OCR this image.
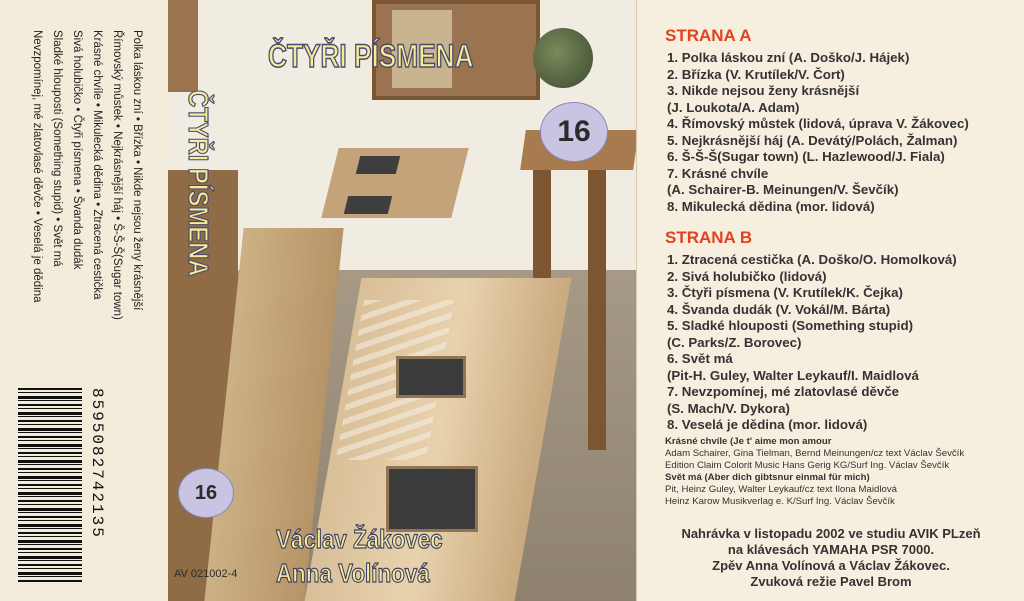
Polka láskou zní • Břízka • Nikde nejsou ženy krásnější
Římovský můstek • Nejkrásnější háj • Š-Š-Š(Sugar town)
Krásné chvíle • Mikulecká dědina • Ztracená cestička
Sivá holubičko • Čtyři písmena • Švanda dudák
Sladké hlouposti (Something stupid) • Svět má
Nevzpomínej, mé zlatovlasé děvče • Veselá je dědina
8595082742135
ČTYŘI PÍSMENA
ČTYŘI PÍSMENA	16
16
Václav Žákovec
Anna Volínová
AV 021002-4
STRANA A
1. Polka láskou zní (A. Doško/J. Hájek)
2. Břízka (V. Krutílek/V. Čort)
3. Nikde nejsou ženy krásnější
(J. Loukota/A. Adam)
4. Římovský můstek (lidová, úprava V. Žákovec)
5. Nejkrásnější háj (A. Devátý/Polách, Žalman)
6. Š-Š-Š(Sugar town) (L. Hazlewood/J. Fiala)
7. Krásné chvíle
(A. Schairer-B. Meinungen/V. Ševčík)
8. Mikulecká dědina (mor. lidová)
STRANA B
1. Ztracená cestička (A. Doško/O. Homolková)
2. Sivá holubičko (lidová)
3. Čtyři písmena (V. Krutílek/K. Čejka)
4. Švanda dudák (V. Vokál/M. Bárta)
5. Sladké hlouposti (Something stupid)
(C. Parks/Z. Borovec)
6. Svět má
(Pit-H. Guley, Walter Leykauf/I. Maidlová
7. Nevzpomínej, mé zlatovlasé děvče
(S. Mach/V. Dykora)
8. Veselá je dědina (mor. lidová)
Krásné chvíle (Je t' aime mon amour
Adam Schairer, Gina Tielman, Bernd Meinungen/cz text Václav Ševčík
Edition Claim Colorit Music Hans Gerig KG/Surf Ing. Václav Ševčík
Svět má (Aber dich gibtsnur einmal für mich)
Pit, Heinz Guley, Walter Leykauf/cz text Ilona Maidlová
Heinz Karow Musikverlag e. K/Surf Ing. Václav Ševčík
Nahrávka v listopadu 2002 ve studiu AVIK PLzeň
na klávesách YAMAHA PSR 7000.
Zpěv Anna Volínová a Václav Žákovec.
Zvuková režie Pavel Brom
